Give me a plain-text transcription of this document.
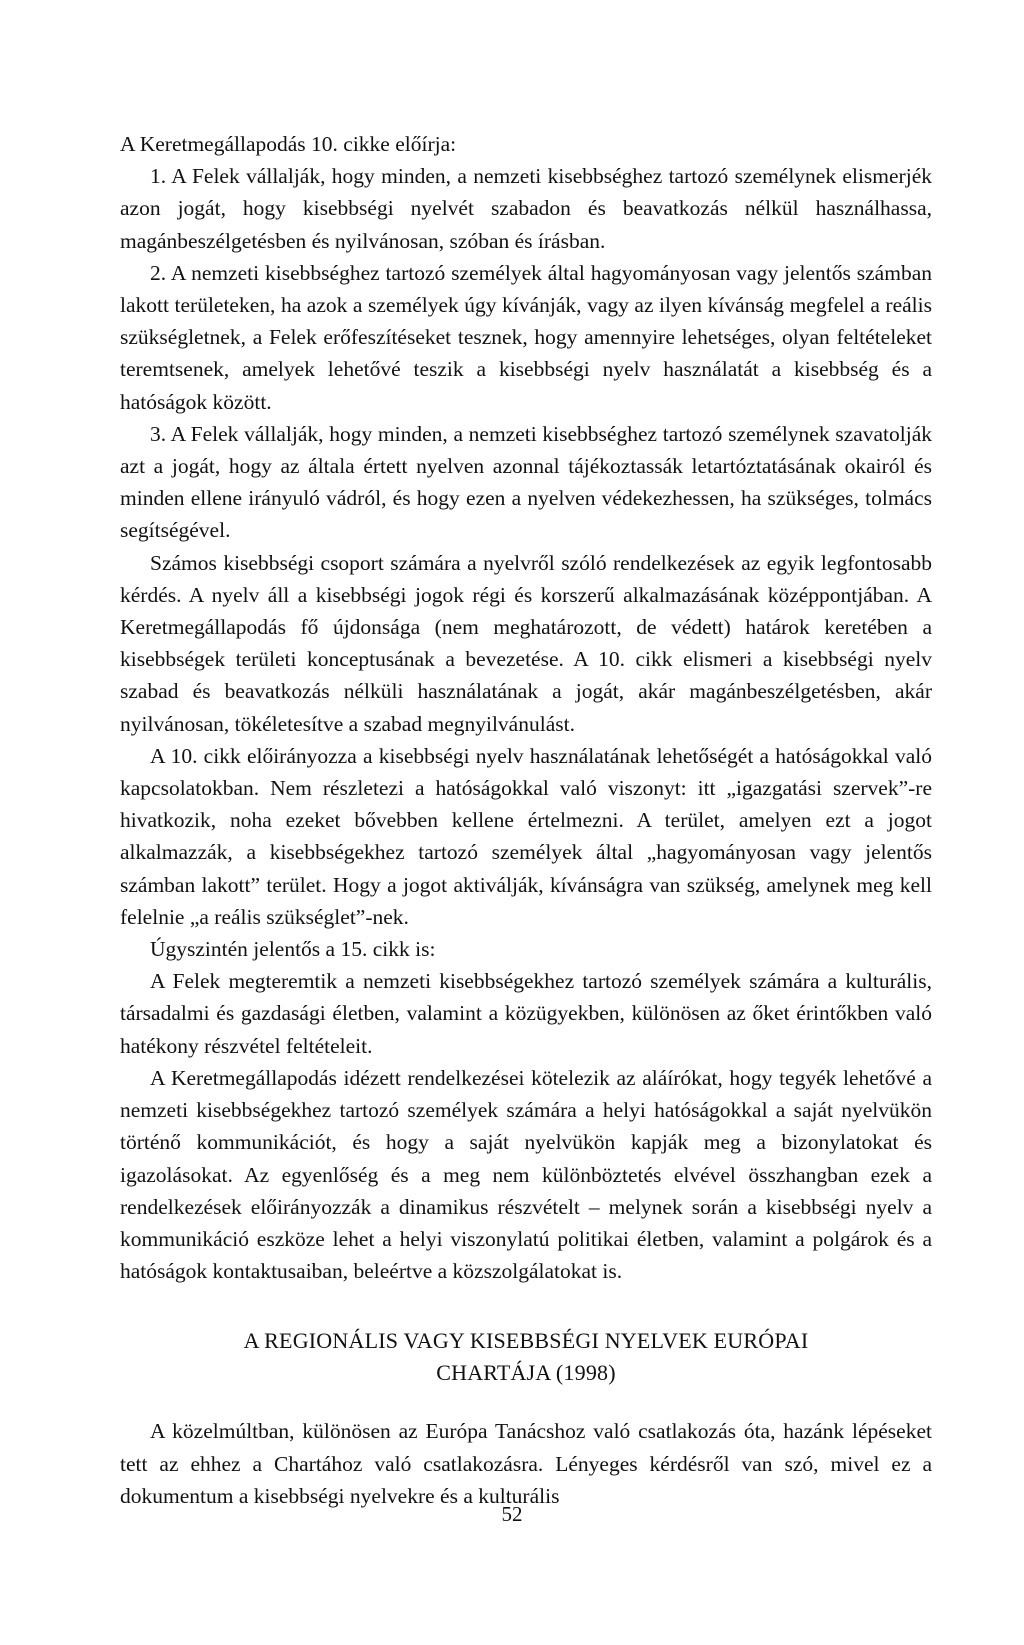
A Keretmegállapodás 10. cikke előírja:

1. A Felek vállalják, hogy minden, a nemzeti kisebbséghez tartozó személynek elismerjék azon jogát, hogy kisebbségi nyelvét szabadon és beavatkozás nélkül használhassa, magánbeszélgetésben és nyilvánosan, szóban és írásban.

2. A nemzeti kisebbséghez tartozó személyek által hagyományosan vagy jelentős számban lakott területeken, ha azok a személyek úgy kívánják, vagy az ilyen kívánság megfelel a reális szükségletnek, a Felek erőfeszítéseket tesznek, hogy amennyire lehetséges, olyan feltételeket teremtsenek, amelyek lehetővé teszik a kisebbségi nyelv használatát a kisebbség és a hatóságok között.

3. A Felek vállalják, hogy minden, a nemzeti kisebbséghez tartozó személynek szavatolják azt a jogát, hogy az általa értett nyelven azonnal tájékoztassák letartóztatásának okairól és minden ellene irányuló vádról, és hogy ezen a nyelven védekezhessen, ha szükséges, tolmács segítségével.

Számos kisebbségi csoport számára a nyelvről szóló rendelkezések az egyik legfontosabb kérdés. A nyelv áll a kisebbségi jogok régi és korszerű alkalmazásának középpontjában. A Keretmegállapodás fő újdonsága (nem meghatározott, de védett) határok keretében a kisebbségek területi konceptusának a bevezetése. A 10. cikk elismeri a kisebbségi nyelv szabad és beavatkozás nélküli használatának a jogát, akár magánbeszélgetésben, akár nyilvánosan, tökéletesítve a szabad megnyilvánulást.

A 10. cikk előirányozza a kisebbségi nyelv használatának lehetőségét a hatóságokkal való kapcsolatokban. Nem részletezi a hatóságokkal való viszonyt: itt „igazgatási szervek”-re hivatkozik, noha ezeket bővebben kellene értelmezni. A terület, amelyen ezt a jogot alkalmazzák, a kisebbségekhez tartozó személyek által „hagyományosan vagy jelentős számban lakott” terület. Hogy a jogot aktiválják, kívánságra van szükség, amelynek meg kell felelnie „a reális szükséglet”-nek.

Úgyszintén jelentős a 15. cikk is:

A Felek megteremtik a nemzeti kisebbségekhez tartozó személyek számára a kulturális, társadalmi és gazdasági életben, valamint a közügyekben, különösen az őket érintőkben való hatékony részvétel feltételeit.

A Keretmegállapodás idézett rendelkezései kötelezik az aláírókat, hogy tegyék lehetővé a nemzeti kisebbségekhez tartozó személyek számára a helyi hatóságokkal a saját nyelvükön történő kommunikációt, és hogy a saját nyelvükön kapják meg a bizonylatokat és igazolásokat. Az egyenlőség és a meg nem különböztetés elvével összhangban ezek a rendelkezések előirányozzák a dinamikus részvételt – melynek során a kisebbségi nyelv a kommunikáció eszköze lehet a helyi viszonylatú politikai életben, valamint a polgárok és a hatóságok kontaktusaiban, beleértve a közszolgálatokat is.

A REGIONÁLIS VAGY KISEBBSÉGI NYELVEK EURÓPAI
CHARTÁJA (1998)

A közelmúltban, különösen az Európa Tanácshoz való csatlakozás óta, hazánk lépéseket tett az ehhez a Chartához való csatlakozásra. Lényeges kérdésről van szó, mivel ez a dokumentum a kisebbségi nyelvekre és a kulturális

52
